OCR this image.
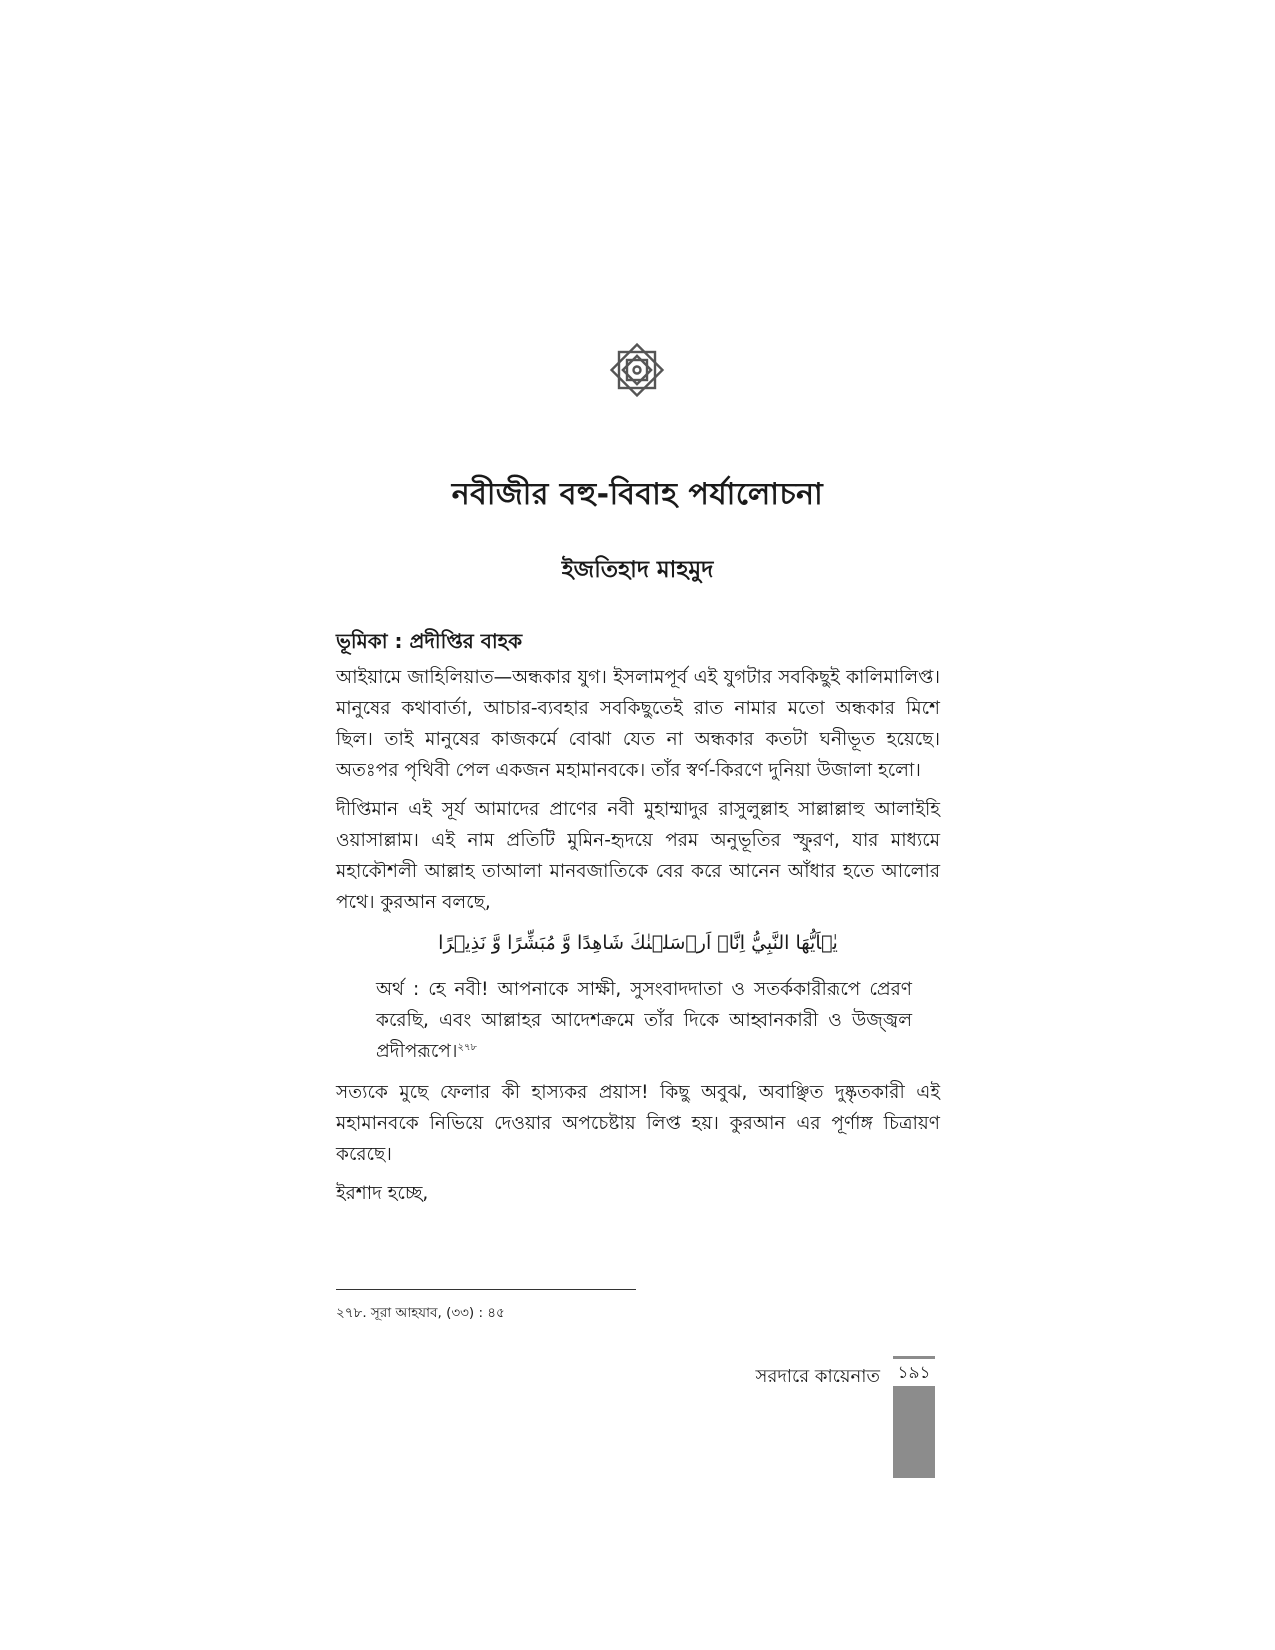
নবীজীর বহু-বিবাহ পর্যালোচনা
ইজতিহাদ মাহমুদ
ভূমিকা : প্রদীপ্তির বাহক

আইয়ামে জাহিলিয়াত—অন্ধকার যুগ। ইসলামপূর্ব এই যুগটার সবকিছুই কালিমালিপ্ত। মানুষের কথাবার্তা, আচার-ব্যবহার সবকিছুতেই রাত নামার মতো অন্ধকার মিশে ছিল। তাই মানুষের কাজকর্মে বোঝা যেত না অন্ধকার কতটা ঘনীভূত হয়েছে। অতঃপর পৃথিবী পেল একজন মহামানবকে। তাঁর স্বর্ণ-কিরণে দুনিয়া উজালা হলো।

দীপ্তিমান এই সূর্য আমাদের প্রাণের নবী মুহাম্মাদুর রাসুলুল্লাহ সাল্লাল্লাহু আলাইহি ওয়াসাল্লাম। এই নাম প্রতিটি মুমিন-হৃদয়ে পরম অনুভূতির স্ফুরণ, যার মাধ্যমে মহাকৌশলী আল্লাহ তাআলা মানবজাতিকে বের করে আনেন আঁধার হতে আলোর পথে। কুরআন বলছে,

يٰۤاَيُّهَا النَّبِيُّ اِنَّاۤ اَرۡسَلۡنٰكَ شَاهِدًا وَّ مُبَشِّرًا وَّ نَذِيۡرًا

অর্থ : হে নবী! আপনাকে সাক্ষী, সুসংবাদদাতা ও সতর্ককারীরূপে প্রেরণ করেছি, এবং আল্লাহর আদেশক্রমে তাঁর দিকে আহ্বানকারী ও উজ্জ্বল প্রদীপরূপে।$^{২৭৮}$

সত্যকে মুছে ফেলার কী হাস্যকর প্রয়াস! কিছু অবুঝ, অবাঞ্ছিত দুষ্কৃতকারী এই মহামানবকে নিভিয়ে দেওয়ার অপচেষ্টায় লিপ্ত হয়। কুরআন এর পূর্ণাঙ্গ চিত্রায়ণ করেছে।

ইরশাদ হচ্ছে,

২৭৮. সূরা আহযাব, (৩৩) : ৪৫
সরদারে কায়েনাত ১৯১
